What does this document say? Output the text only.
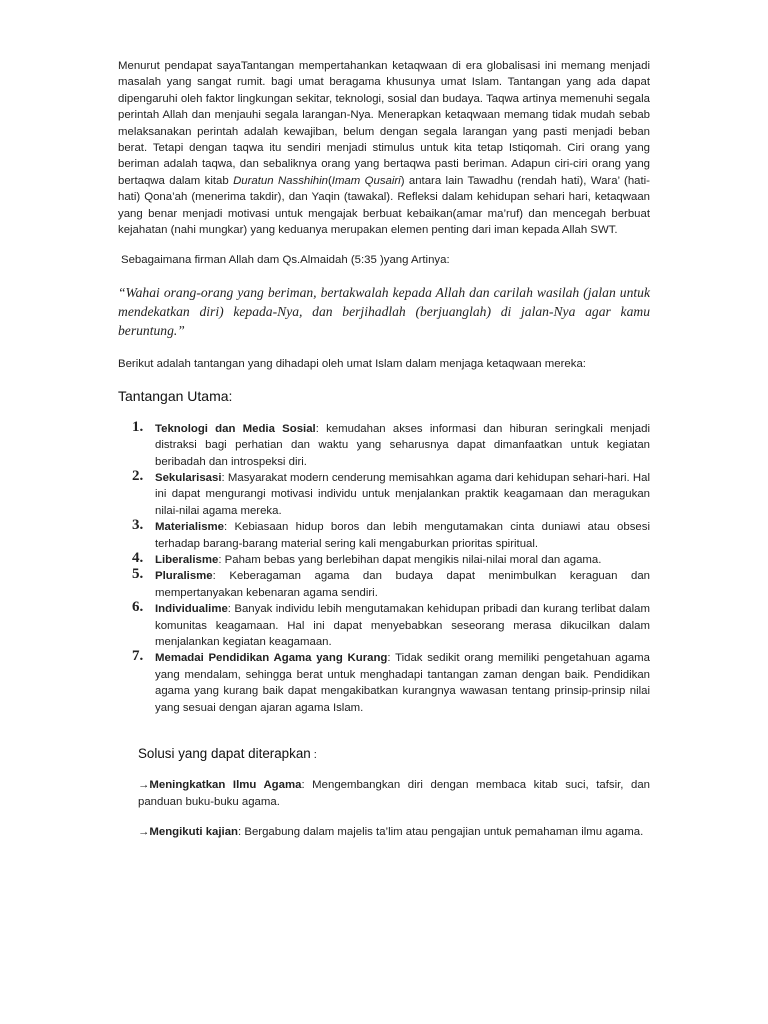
Menurut pendapat sayaTantangan mempertahankan ketaqwaan di era globalisasi ini memang menjadi masalah yang sangat rumit. bagi umat beragama khusunya umat Islam. Tantangan yang ada dapat dipengaruhi oleh faktor lingkungan sekitar, teknologi, sosial dan budaya. Taqwa artinya memenuhi segala perintah Allah dan menjauhi segala larangan-Nya. Menerapkan ketaqwaan memang tidak mudah sebab melaksanakan perintah adalah kewajiban, belum dengan segala larangan yang pasti menjadi beban berat. Tetapi dengan taqwa itu sendiri menjadi stimulus untuk kita tetap Istiqomah. Ciri orang yang beriman adalah taqwa, dan sebaliknya orang yang bertaqwa pasti beriman. Adapun ciri-ciri orang yang bertaqwa dalam kitab Duratun Nasshihin(Imam Qusairi) antara lain Tawadhu (rendah hati), Wara’ (hati-hati) Qona’ah (menerima takdir), dan Yaqin (tawakal). Refleksi dalam kehidupan sehari hari, ketaqwaan yang benar menjadi motivasi untuk mengajak berbuat kebaikan(amar ma’ruf) dan mencegah berbuat kejahatan (nahi mungkar) yang keduanya merupakan elemen penting dari iman kepada Allah SWT.

Sebagaimana firman Allah dam Qs.Almaidah (5:35 )yang Artinya:

“Wahai orang-orang yang beriman, bertakwalah kepada Allah dan carilah wasilah (jalan untuk mendekatkan diri) kepada-Nya, dan berjihadlah (berjuanglah) di jalan-Nya agar kamu beruntung.”

Berikut adalah tantangan yang dihadapi oleh umat Islam dalam menjaga ketaqwaan mereka:

Tantangan Utama:
1. Teknologi dan Media Sosial: kemudahan akses informasi dan hiburan seringkali menjadi distraksi bagi perhatian dan waktu yang seharusnya dapat dimanfaatkan untuk kegiatan beribadah dan introspeksi diri.
2. Sekularisasi: Masyarakat modern cenderung memisahkan agama dari kehidupan sehari-hari. Hal ini dapat mengurangi motivasi individu untuk menjalankan praktik keagamaan dan meragukan nilai-nilai agama mereka.
3. Materialisme: Kebiasaan hidup boros dan lebih mengutamakan cinta duniawi atau obsesi terhadap barang-barang material sering kali mengaburkan prioritas spiritual.
4. Liberalisme: Paham bebas yang berlebihan dapat mengikis nilai-nilai moral dan agama.
5. Pluralisme: Keberagaman agama dan budaya dapat menimbulkan keraguan dan mempertanyakan kebenaran agama sendiri.
6. Individualime: Banyak individu lebih mengutamakan kehidupan pribadi dan kurang terlibat dalam komunitas keagamaan. Hal ini dapat menyebabkan seseorang merasa dikucilkan dalam menjalankan kegiatan keagamaan.
7. Memadai Pendidikan Agama yang Kurang: Tidak sedikit orang memiliki pengetahuan agama yang mendalam, sehingga berat untuk menghadapi tantangan zaman dengan baik. Pendidikan agama yang kurang baik dapat mengakibatkan kurangnya wawasan tentang prinsip-prinsip nilai yang sesuai dengan ajaran agama Islam.
Solusi yang dapat diterapkan :

→Meningkatkan Ilmu Agama: Mengembangkan diri dengan membaca kitab suci, tafsir, dan panduan buku-buku agama.

→Mengikuti kajian: Bergabung dalam majelis ta’lim atau pengajian untuk pemahaman ilmu agama.
